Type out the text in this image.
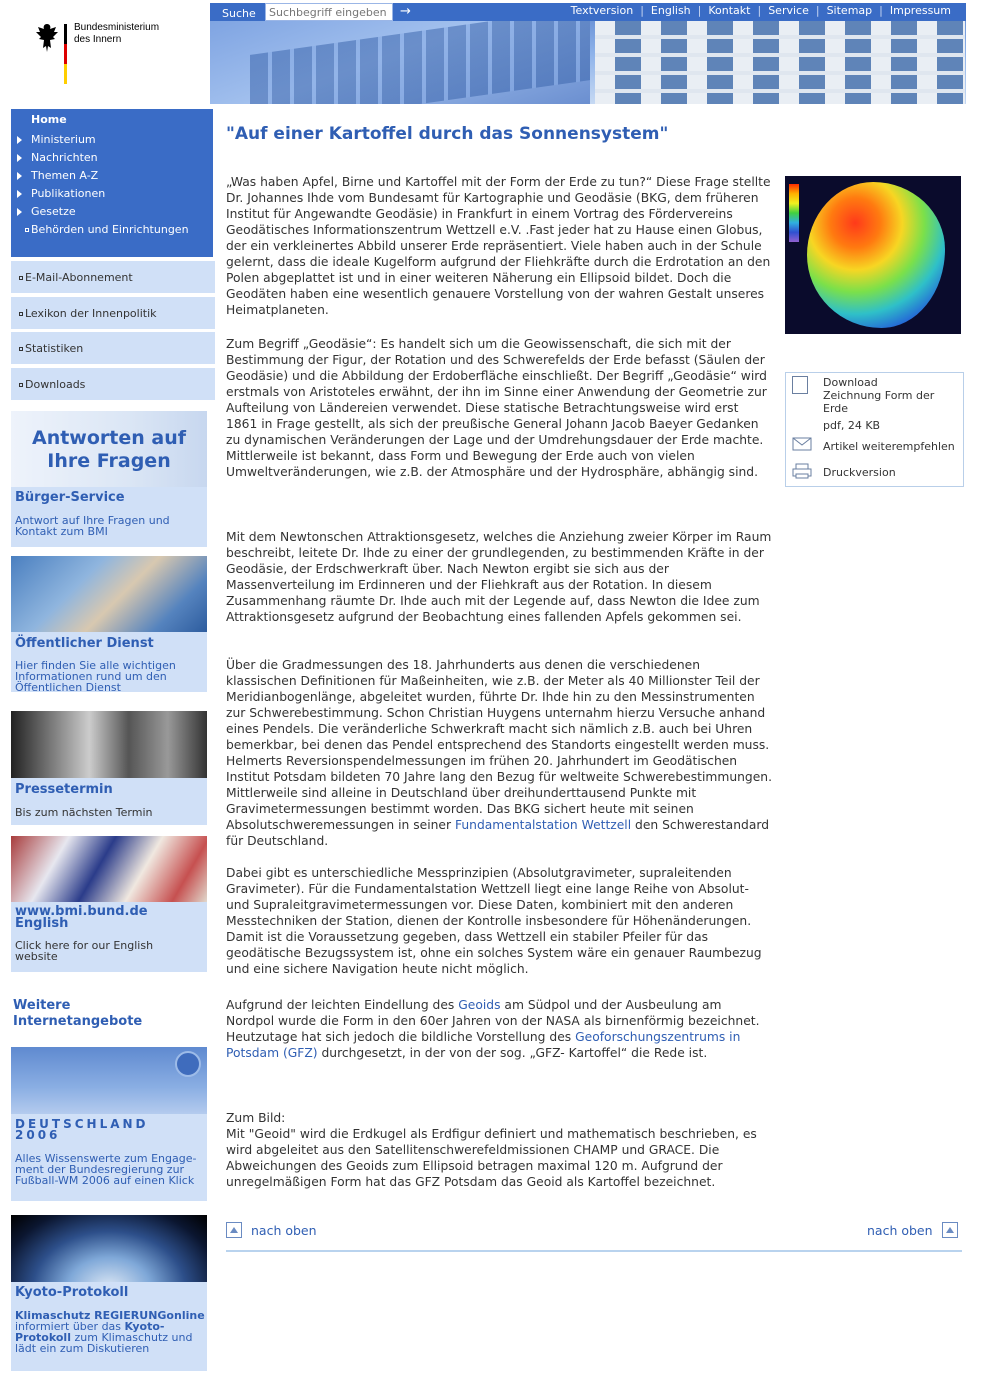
Bundesministerium
des Innern
Suche
Suchbegriff eingeben	→	Textversion | English | Kontakt | Service | Sitemap | Impressum
Home
Ministerium
Nachrichten
Themen A-Z
Publikationen
Gesetze
Behörden und Einrichtungen
E-Mail-Abonnement
Lexikon der Innenpolitik
Statistiken
Downloads
Antworten auf Ihre Fragen
Bürger-Service
Antwort auf Ihre Fragen und Kontakt zum BMI
Öffentlicher Dienst
Hier finden Sie alle wichtigen Informationen rund um den Öffentlichen Dienst
Pressetermin
Bis zum nächsten Termin
www.bmi.bund.de English
Click here for our English website
Weitere Internetangebote
DEUTSCHLAND 2006
Alles Wissenswerte zum Engage-ment der Bundesregierung zur Fußball-WM 2006 auf einen Klick
Kyoto-Protokoll
Klimaschutz REGIERUNGonline informiert über das Kyoto-Protokoll zum Klimaschutz und lädt ein zum Diskutieren
"Auf einer Kartoffel durch das Sonnensystem"
„Was haben Apfel, Birne und Kartoffel mit der Form der Erde zu tun?“ Diese Frage stellte Dr. Johannes Ihde vom Bundesamt für Kartographie und Geodäsie (BKG, dem früheren Institut für Angewandte Geodäsie) in Frankfurt in einem Vortrag des Fördervereins Geodätisches Informationszentrum Wettzell e.V. .Fast jeder hat zu Hause einen Globus, der ein verkleinertes Abbild unserer Erde repräsentiert. Viele haben auch in der Schule gelernt, dass die ideale Kugelform aufgrund der Fliehkräfte durch die Erdrotation an den Polen abgeplattet ist und in einer weiteren Näherung ein Ellipsoid bildet. Doch die Geodäten haben eine wesentlich genauere Vorstellung von der wahren Gestalt unseres Heimatplaneten.
Zum Begriff „Geodäsie“: Es handelt sich um die Geowissenschaft, die sich mit der Bestimmung der Figur, der Rotation und des Schwerefelds der Erde befasst (Säulen der Geodäsie) und die Abbildung der Erdoberfläche einschließt. Der Begriff „Geodäsie“ wird erstmals von Aristoteles erwähnt, der ihn im Sinne einer Anwendung der Geometrie zur Aufteilung von Ländereien verwendet. Diese statische Betrachtungsweise wird erst 1861 in Frage gestellt, als sich der preußische General Johann Jacob Baeyer Gedanken zu dynamischen Veränderungen der Lage und der Umdrehungsdauer der Erde machte. Mittlerweile ist bekannt, dass Form und Bewegung der Erde auch von vielen Umweltveränderungen, wie z.B. der Atmosphäre und der Hydrosphäre, abhängig sind.
Download
Zeichnung Form der Erde
pdf, 24 KB
Artikel weiterempfehlen
Druckversion
Mit dem Newtonschen Attraktionsgesetz, welches die Anziehung zweier Körper im Raum beschreibt, leitete Dr. Ihde zu einer der grundlegenden, zu bestimmenden Kräfte in der Geodäsie, der Erdschwerkraft über. Nach Newton ergibt sie sich aus der Massenverteilung im Erdinneren und der Fliehkraft aus der Rotation. In diesem Zusammenhang räumte Dr. Ihde auch mit der Legende auf, dass Newton die Idee zum Attraktionsgesetz aufgrund der Beobachtung eines fallenden Apfels gekommen sei.
Über die Gradmessungen des 18. Jahrhunderts aus denen die verschiedenen klassischen Definitionen für Maßeinheiten, wie z.B. der Meter als 40 Millionster Teil der Meridianbogenlänge, abgeleitet wurden, führte Dr. Ihde hin zu den Messinstrumenten zur Schwerebestimmung. Schon Christian Huygens unternahm hierzu Versuche anhand eines Pendels. Die veränderliche Schwerkraft macht sich nämlich z.B. auch bei Uhren bemerkbar, bei denen das Pendel entsprechend des Standorts eingestellt werden muss. Helmerts Reversionspendelmessungen im frühen 20. Jahrhundert im Geodätischen Institut Potsdam bildeten 70 Jahre lang den Bezug für weltweite Schwerebestimmungen. Mittlerweile sind alleine in Deutschland über dreihunderttausend Punkte mit Gravimetermessungen bestimmt worden. Das BKG sichert heute mit seinen Absolutschweremessungen in seiner Fundamentalstation Wettzell den Schwerestandard für Deutschland.
Dabei gibt es unterschiedliche Messprinzipien (Absolutgravimeter, supraleitenden Gravimeter). Für die Fundamentalstation Wettzell liegt eine lange Reihe von Absolut- und Supraleitgravimetermessungen vor. Diese Daten, kombiniert mit den anderen Messtechniken der Station, dienen der Kontrolle insbesondere für Höhenänderungen. Damit ist die Voraussetzung gegeben, dass Wettzell ein stabiler Pfeiler für das geodätische Bezugssystem ist, ohne ein solches System wäre ein genauer Raumbezug und eine sichere Navigation heute nicht möglich.
Aufgrund der leichten Eindellung des Geoids am Südpol und der Ausbeulung am Nordpol wurde die Form in den 60er Jahren von der NASA als birnenförmig bezeichnet. Heutzutage hat sich jedoch die bildliche Vorstellung des Geoforschungszentrums in Potsdam (GFZ) durchgesetzt, in der von der sog. „GFZ- Kartoffel“ die Rede ist.
Zum Bild:
Mit "Geoid" wird die Erdkugel als Erdfigur definiert und mathematisch beschrieben, es wird abgeleitet aus den Satellitenschwerefeldmissionen CHAMP und GRACE. Die Abweichungen des Geoids zum Ellipsoid betragen maximal 120 m. Aufgrund der unregelmäßigen Form hat das GFZ Potsdam das Geoid als Kartoffel bezeichnet.
nach oben	nach oben
